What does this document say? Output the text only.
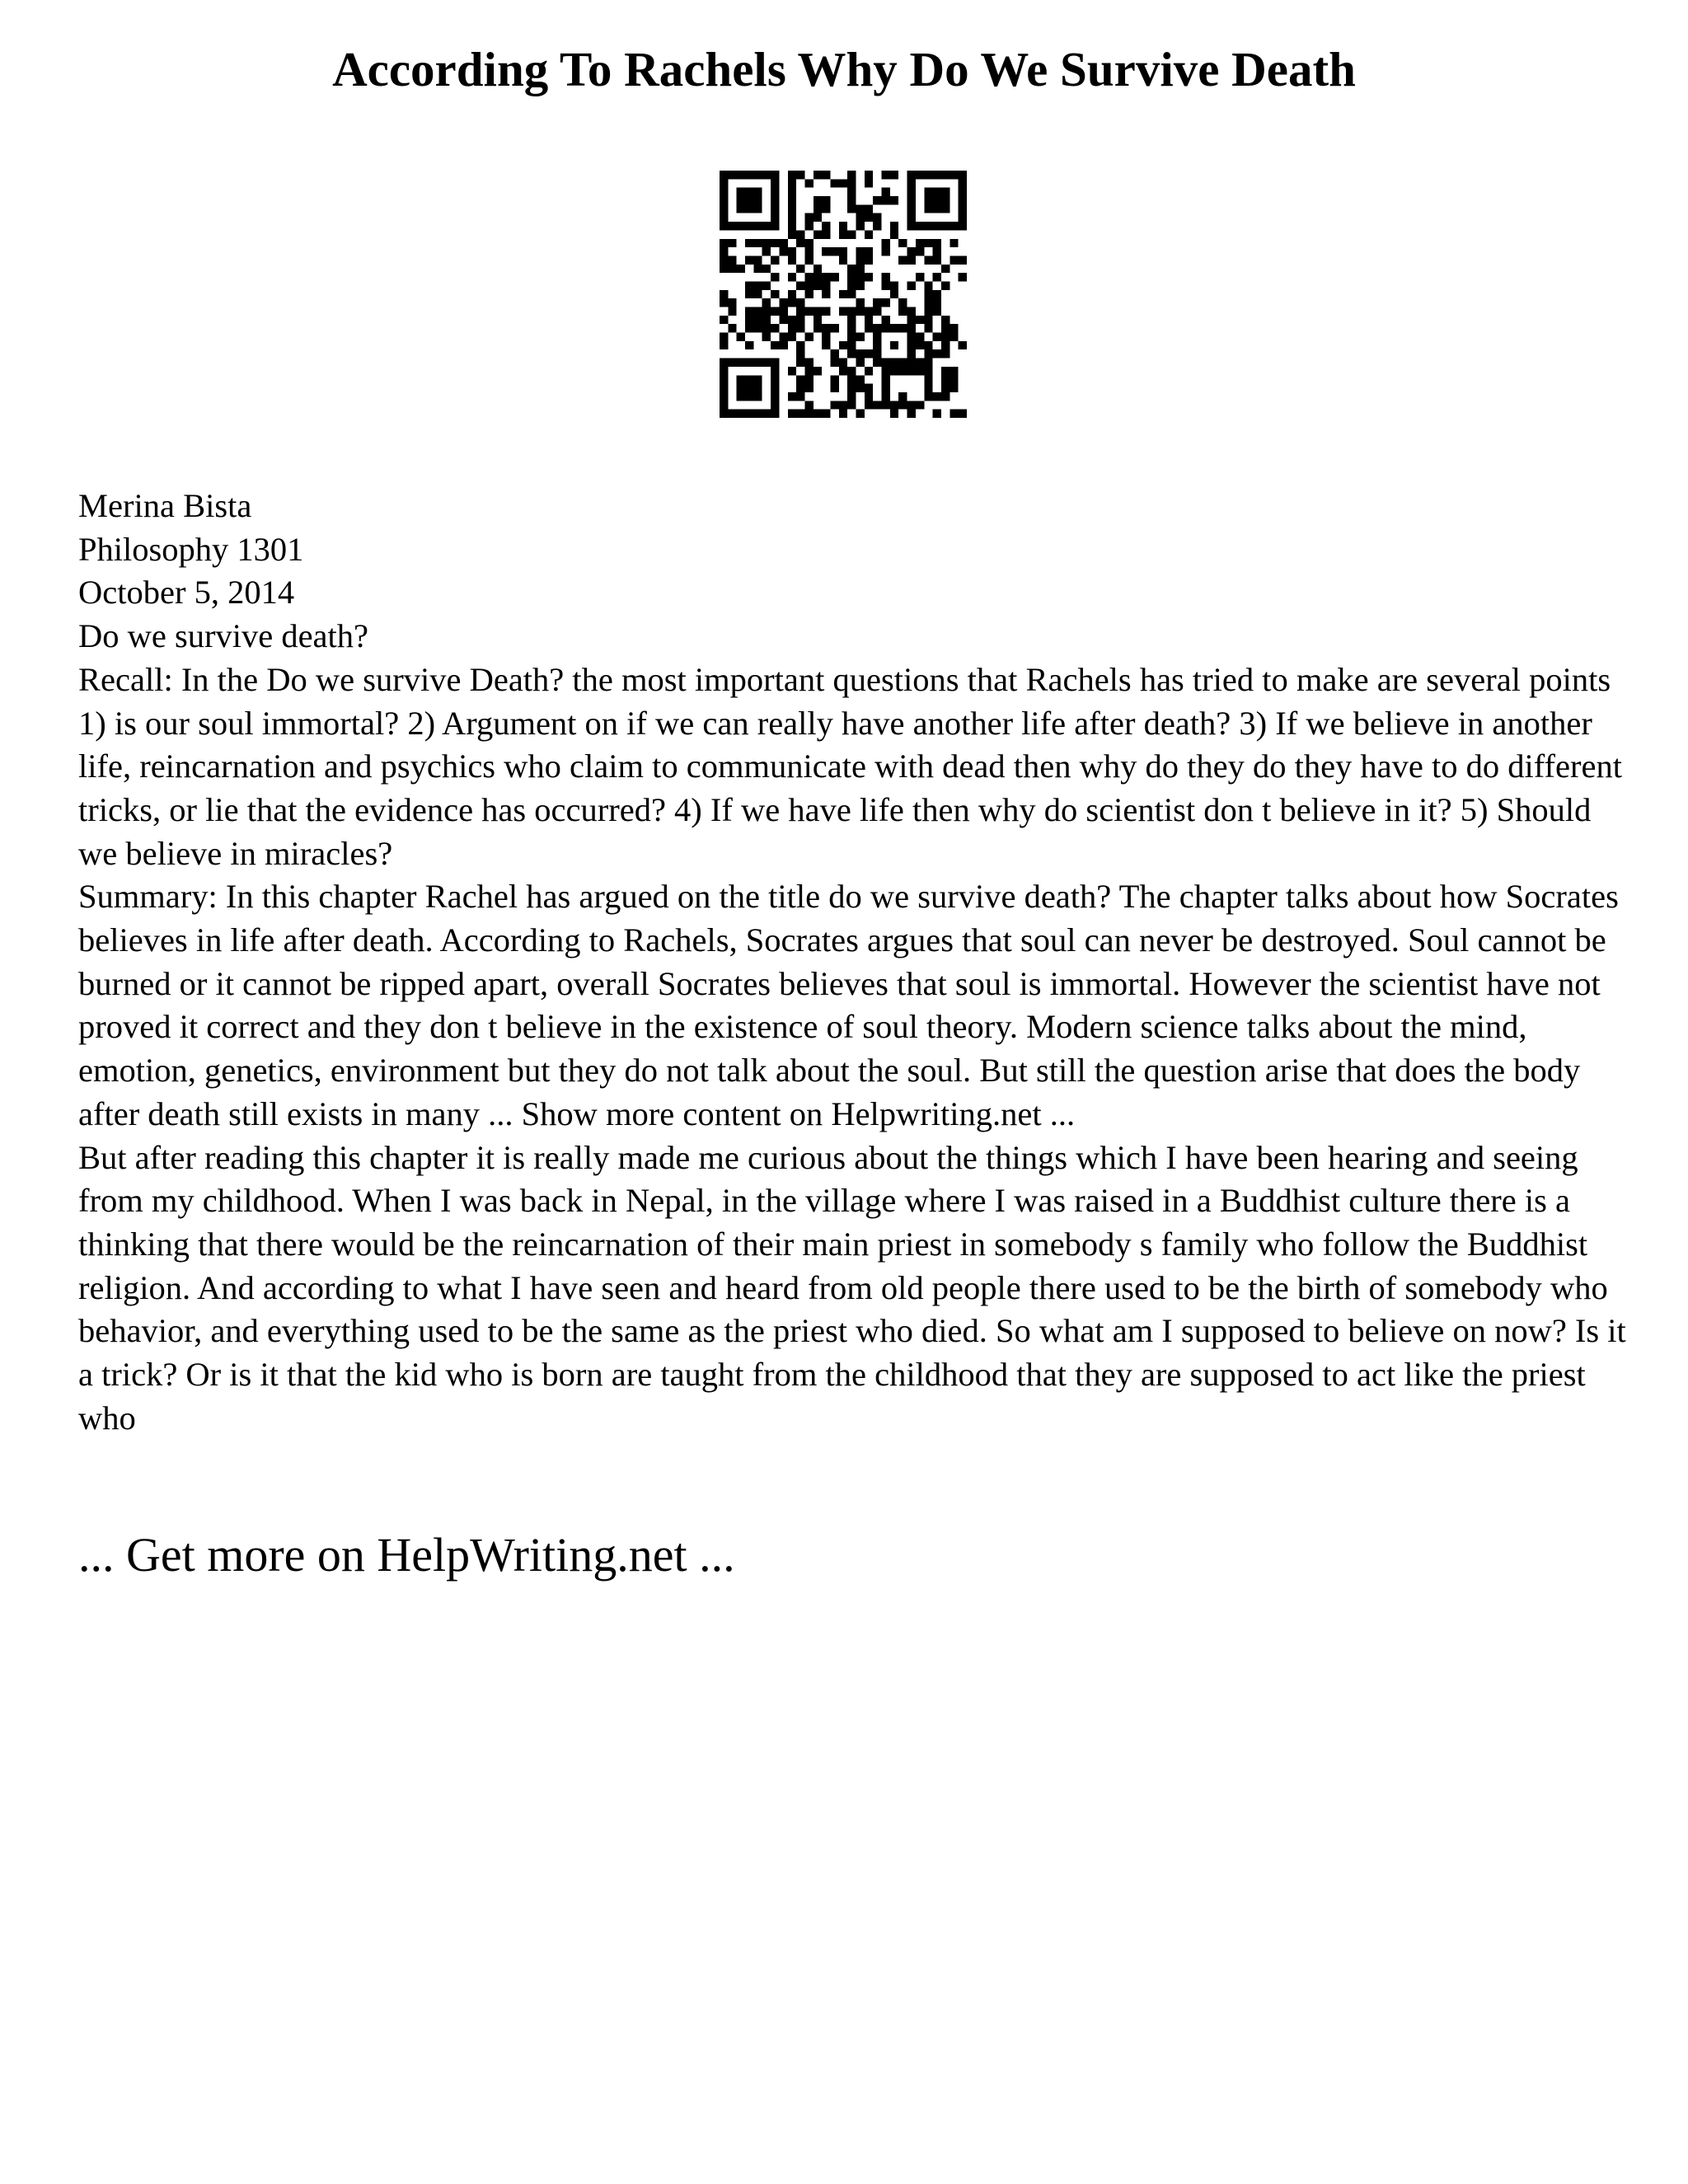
According To Rachels Why Do We Survive Death

Merina Bista

Philosophy 1301

October 5, 2014

Do we survive death?

Recall: In the Do we survive Death? the most important questions that Rachels has tried to make are several points 1) is our soul immortal? 2) Argument on if we can really have another life after death? 3) If we believe in another life, reincarnation and psychics who claim to communicate with dead then why do they do they have to do different tricks, or lie that the evidence has occurred? 4) If we have life then why do scientist don t believe in it? 5) Should we believe in miracles?

Summary: In this chapter Rachel has argued on the title do we survive death? The chapter talks about how Socrates believes in life after death. According to Rachels, Socrates argues that soul can never be destroyed. Soul cannot be burned or it cannot be ripped apart, overall Socrates believes that soul is immortal. However the scientist have not proved it correct and they don t believe in the existence of soul theory. Modern science talks about the mind, emotion, genetics, environment but they do not talk about the soul. But still the question arise that does the body after death still exists in many ... Show more content on Helpwriting.net ...

But after reading this chapter it is really made me curious about the things which I have been hearing and seeing from my childhood. When I was back in Nepal, in the village where I was raised in a Buddhist culture there is a thinking that there would be the reincarnation of their main priest in somebody s family who follow the Buddhist religion. And according to what I have seen and heard from old people there used to be the birth of somebody who behavior, and everything used to be the same as the priest who died. So what am I supposed to believe on now? Is it a trick? Or is it that the kid who is born are taught from the childhood that they are supposed to act like the priest who

... Get more on HelpWriting.net ...
